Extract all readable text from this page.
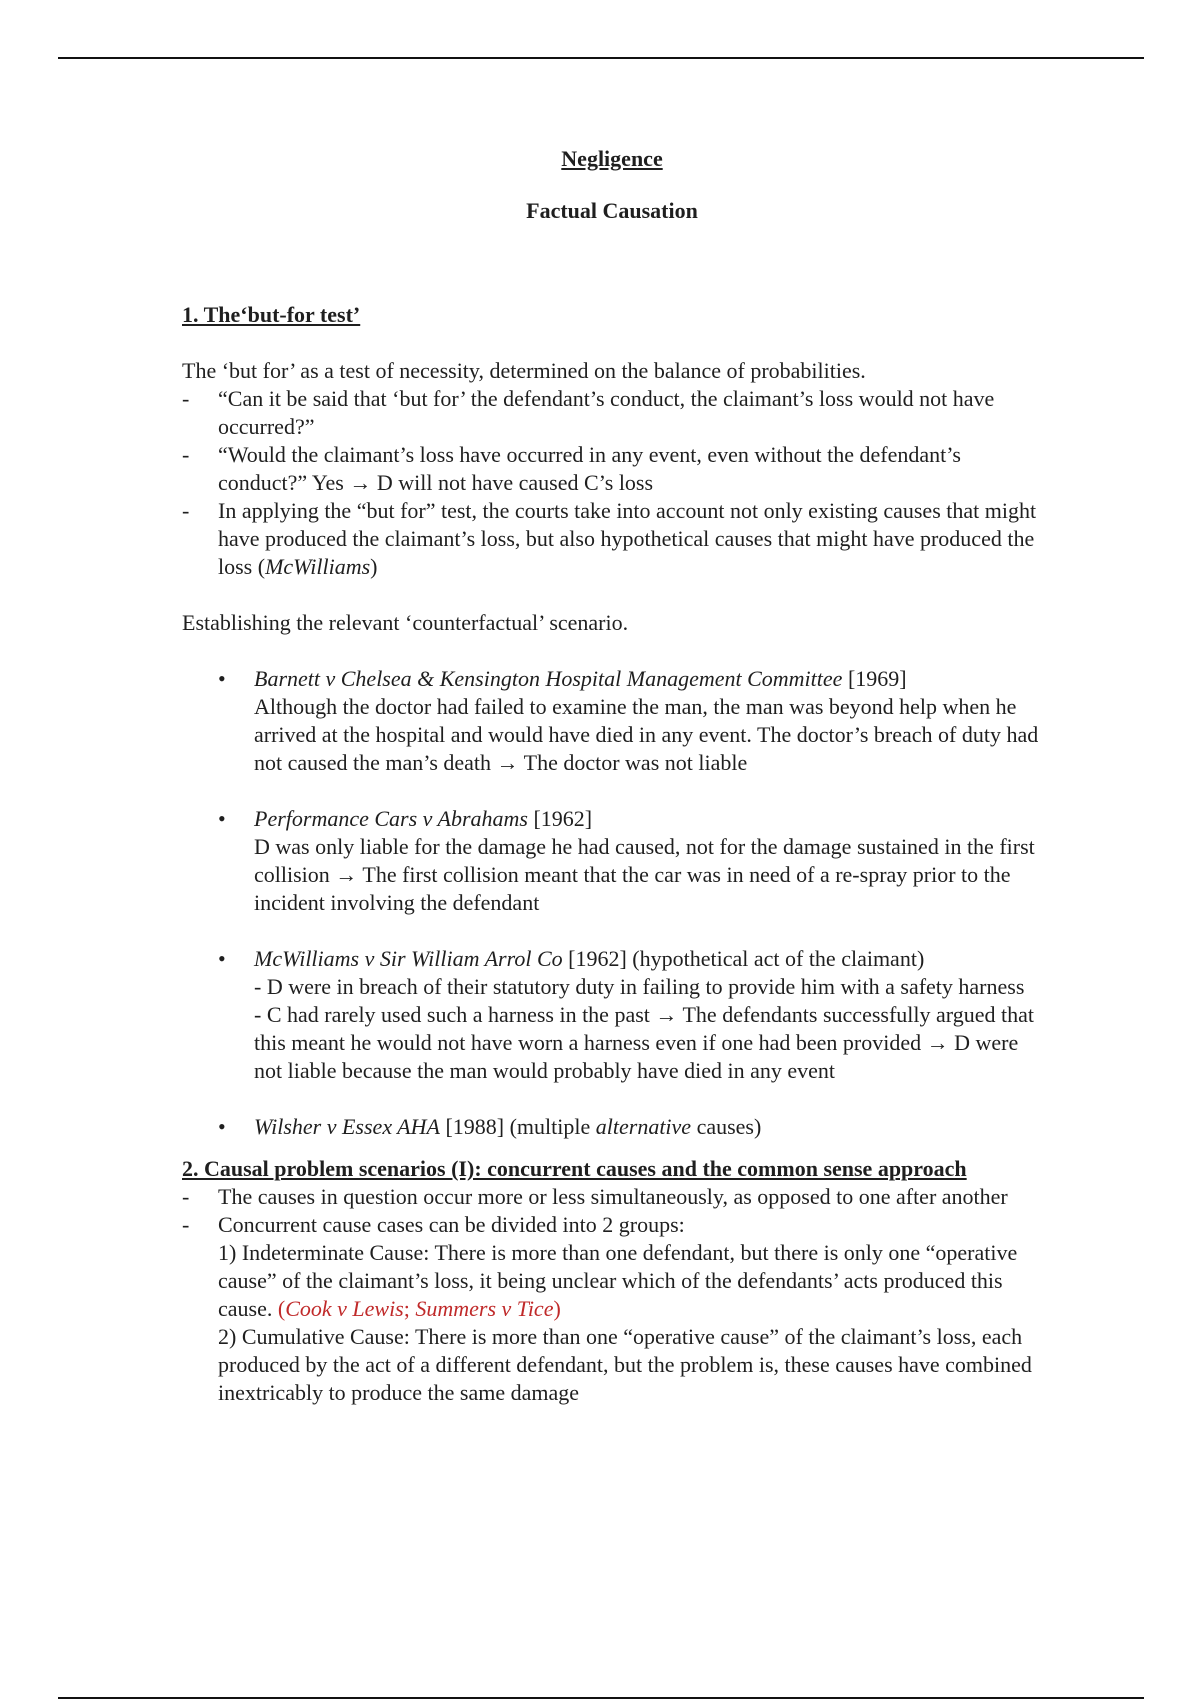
Negligence

Factual Causation

1. The‘but-for test’

The ‘but for’ as a test of necessity, determined on the balance of probabilities.

- “Can it be said that ‘but for’ the defendant’s conduct, the claimant’s loss would not have occurred?”
- “Would the claimant’s loss have occurred in any event, even without the defendant’s conduct?” Yes → D will not have caused C’s loss
- In applying the “but for” test, the courts take into account not only existing causes that might have produced the claimant’s loss, but also hypothetical causes that might have produced the loss (McWilliams)

Establishing the relevant ‘counterfactual’ scenario.

• Barnett v Chelsea & Kensington Hospital Management Committee [1969]
Although the doctor had failed to examine the man, the man was beyond help when he arrived at the hospital and would have died in any event. The doctor’s breach of duty had not caused the man’s death → The doctor was not liable
• Performance Cars v Abrahams [1962]
D was only liable for the damage he had caused, not for the damage sustained in the first collision → The first collision meant that the car was in need of a re-spray prior to the incident involving the defendant
• McWilliams v Sir William Arrol Co [1962] (hypothetical act of the claimant)
- D were in breach of their statutory duty in failing to provide him with a safety harness
- C had rarely used such a harness in the past → The defendants successfully argued that this meant he would not have worn a harness even if one had been provided → D were not liable because the man would probably have died in any event
• Wilsher v Essex AHA [1988] (multiple alternative causes)

2. Causal problem scenarios (I): concurrent causes and the common sense approach

- The causes in question occur more or less simultaneously, as opposed to one after another
- Concurrent cause cases can be divided into 2 groups:
1) Indeterminate Cause: There is more than one defendant, but there is only one “operative cause” of the claimant’s loss, it being unclear which of the defendants’ acts produced this cause. (Cook v Lewis; Summers v Tice)
2) Cumulative Cause: There is more than one “operative cause” of the claimant’s loss, each produced by the act of a different defendant, but the problem is, these causes have combined inextricably to produce the same damage
